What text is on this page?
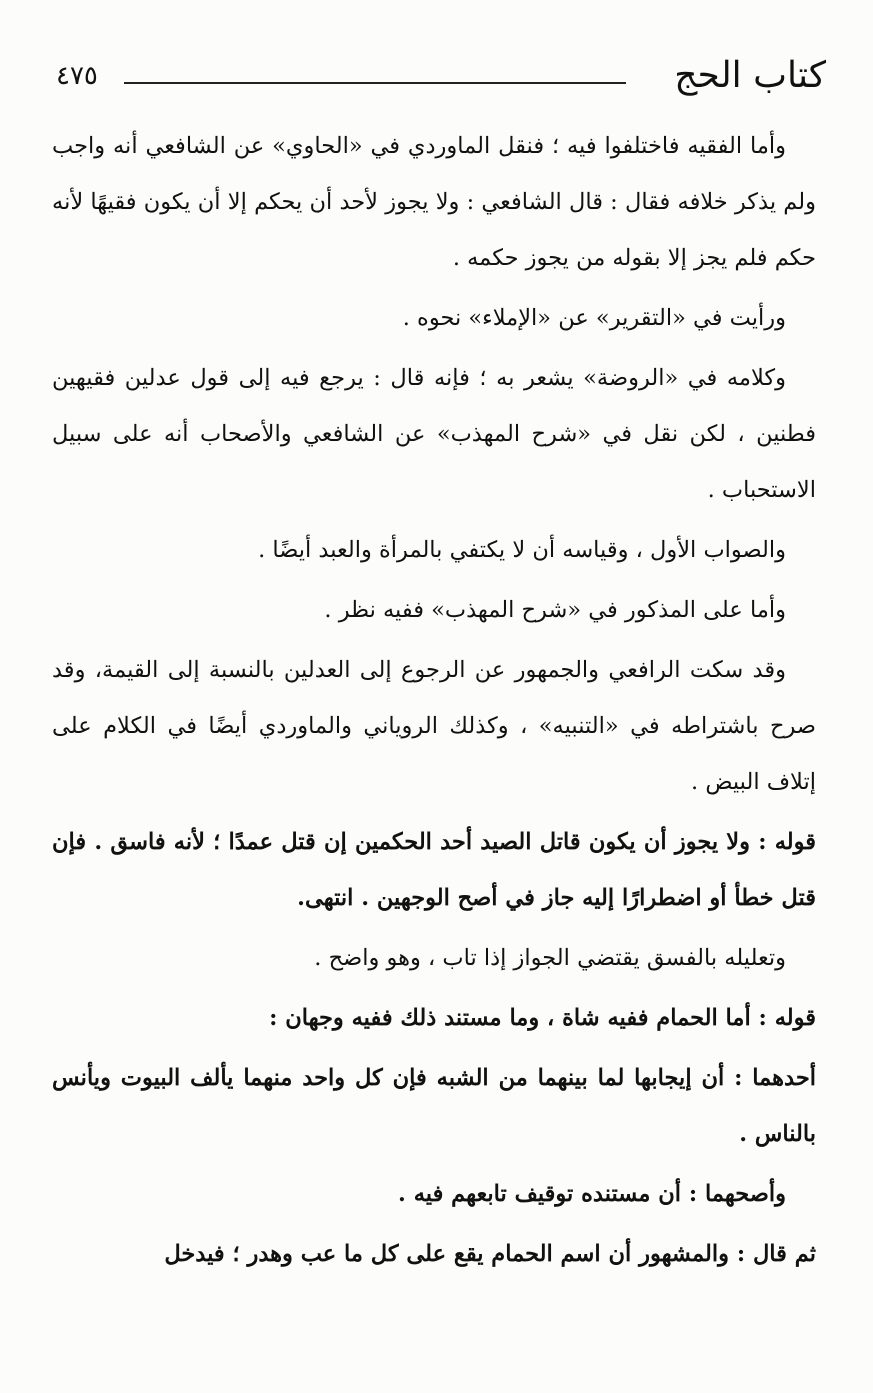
كتاب الحج
٤٧٥

وأما الفقيه فاختلفوا فيه ؛ فنقل الماوردي في «الحاوي» عن الشافعي أنه واجب ولم يذكر خلافه فقال : قال الشافعي : ولا يجوز لأحد أن يحكم إلا أن يكون فقيهًا لأنه حكم فلم يجز إلا بقوله من يجوز حكمه .

ورأيت في «التقرير» عن «الإملاء» نحوه .

وكلامه في «الروضة» يشعر به ؛ فإنه قال : يرجع فيه إلى قول عدلين فقيهين فطنين ، لكن نقل في «شرح المهذب» عن الشافعي والأصحاب أنه على سبيل الاستحباب .

والصواب الأول ، وقياسه أن لا يكتفي بالمرأة والعبد أيضًا .

وأما على المذكور في «شرح المهذب» ففيه نظر .

وقد سكت الرافعي والجمهور عن الرجوع إلى العدلين بالنسبة إلى القيمة، وقد صرح باشتراطه في «التنبيه» ، وكذلك الروياني والماوردي أيضًا في الكلام على إتلاف البيض .

قوله : ولا يجوز أن يكون قاتل الصيد أحد الحكمين إن قتل عمدًا ؛ لأنه فاسق . فإن قتل خطأ أو اضطرارًا إليه جاز في أصح الوجهين . انتهى.

وتعليله بالفسق يقتضي الجواز إذا تاب ، وهو واضح .

قوله : أما الحمام ففيه شاة ، وما مستند ذلك ففيه وجهان :

أحدهما : أن إيجابها لما بينهما من الشبه فإن كل واحد منهما يألف البيوت ويأنس بالناس .

وأصحهما : أن مستنده توقيف تابعهم فيه .

ثم قال : والمشهور أن اسم الحمام يقع على كل ما عب وهدر ؛ فيدخل
